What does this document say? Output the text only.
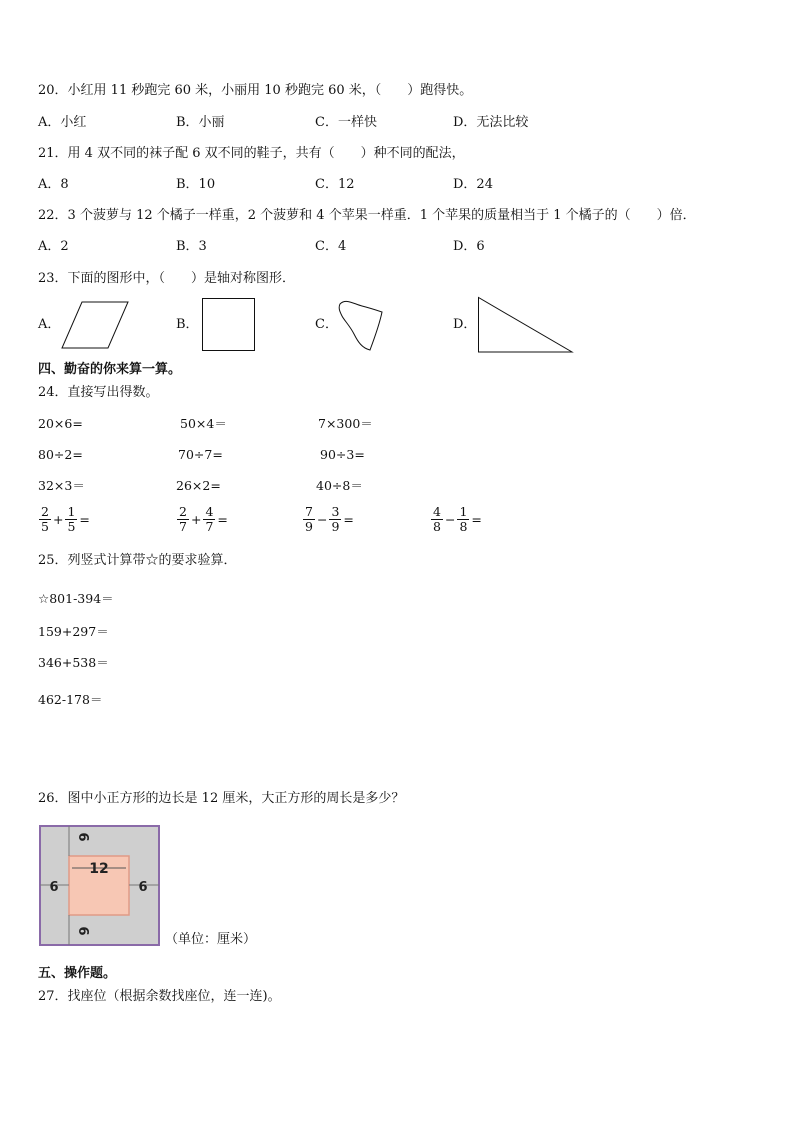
20．小红用 11 秒跑完 60 米，小丽用 10 秒跑完 60 米，（　　）跑得快。
A．小红	B．小丽	C．一样快	D．无法比较
21．用 4 双不同的袜子配 6 双不同的鞋子，共有（　　）种不同的配法，
A．8	B．10	C．12	D．24
22．3 个菠萝与 12 个橘子一样重，2 个菠萝和 4 个苹果一样重．1 个苹果的质量相当于 1 个橘子的（　　）倍．
A．2	B．3	C．4	D．6
23．下面的图形中，（　　）是轴对称图形．
A．	B．	C．	D．
四、勤奋的你来算一算。
24．直接写出得数。
20×6=	50×4＝	7×300＝
80÷2=	70÷7=	90÷3=
32×3＝	26×2=	40÷8＝
$\frac{2}{5} + \frac{1}{5}$ =	$\frac{2}{7} + \frac{4}{7}$ =	$\frac{7}{9} - \frac{3}{9}$ =	$\frac{4}{8} - \frac{1}{8}$ =
25．列竖式计算带☆的要求验算．
☆801-394＝
159+297＝
346+538＝
462-178＝
26．图中小正方形的边长是 12 厘米，大正方形的周长是多少？
12
6
6	6
6
（单位：厘米）
五、操作题。
27．找座位（根据余数找座位，连一连)。
